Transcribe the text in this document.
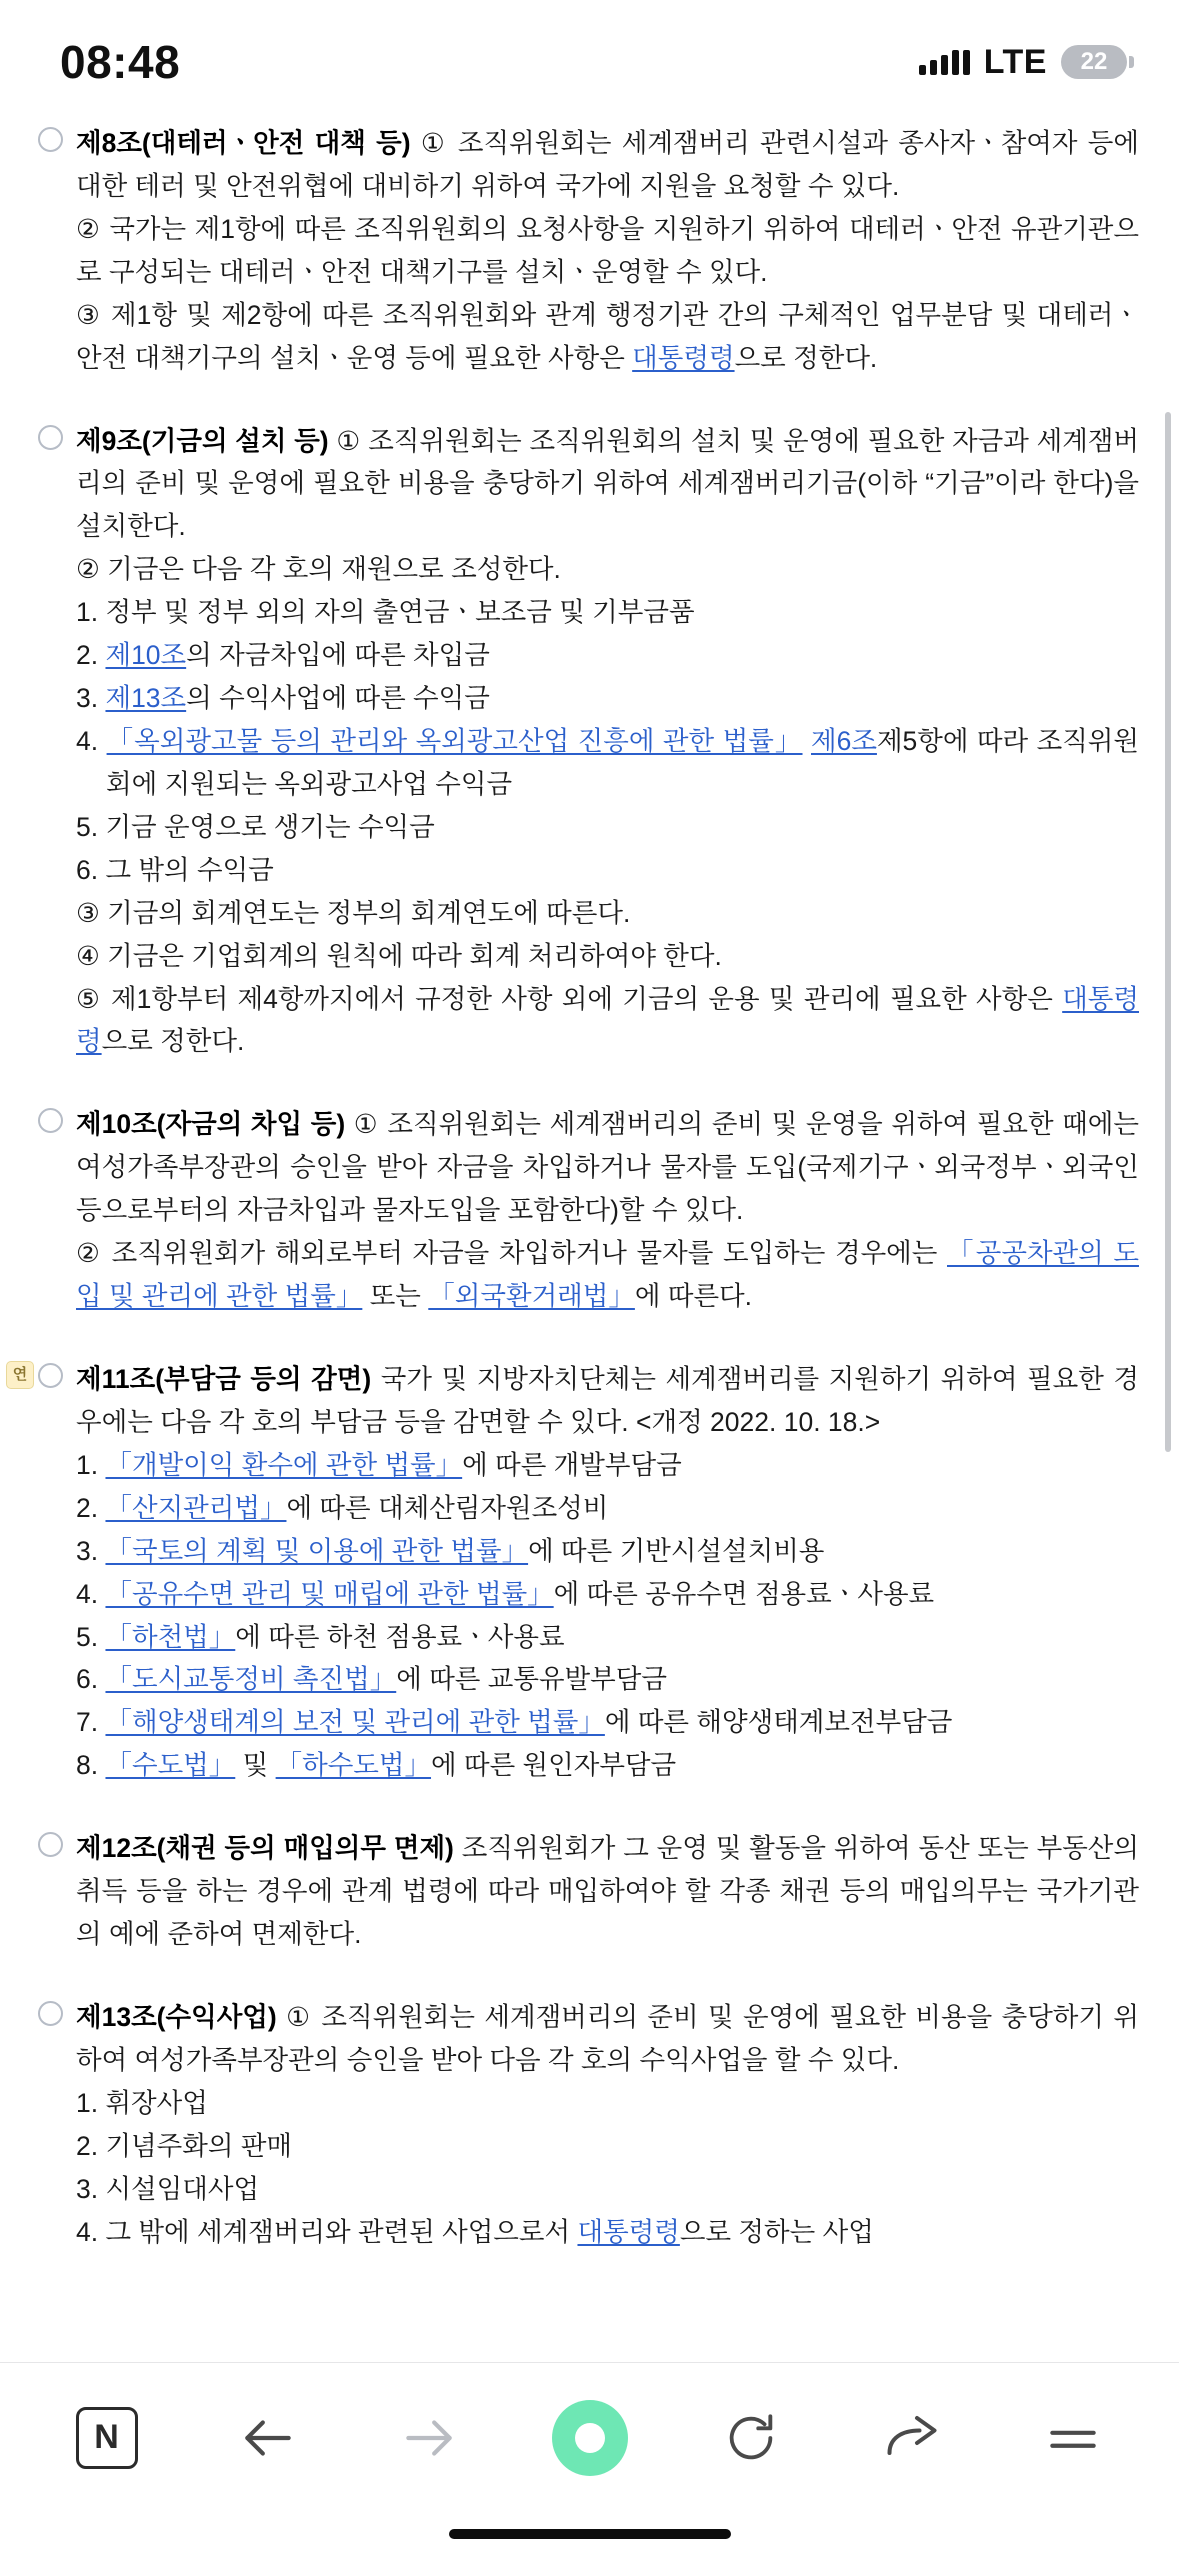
08:48	LTE 22

제8조(대테러ㆍ안전 대책 등) ① 조직위원회는 세계잼버리 관련시설과 종사자ㆍ참여자 등에 대한 테러 및 안전위협에 대비하기 위하여 국가에 지원을 요청할 수 있다.

② 국가는 제1항에 따른 조직위원회의 요청사항을 지원하기 위하여 대테러ㆍ안전 유관기관으로 구성되는 대테러ㆍ안전 대책기구를 설치ㆍ운영할 수 있다.

③ 제1항 및 제2항에 따른 조직위원회와 관계 행정기관 간의 구체적인 업무분담 및 대테러ㆍ안전 대책기구의 설치ㆍ운영 등에 필요한 사항은 대통령령으로 정한다.

제9조(기금의 설치 등) ① 조직위원회는 조직위원회의 설치 및 운영에 필요한 자금과 세계잼버리의 준비 및 운영에 필요한 비용을 충당하기 위하여 세계잼버리기금(이하 “기금”이라 한다)을 설치한다.

② 기금은 다음 각 호의 재원으로 조성한다.

1. 정부 및 정부 외의 자의 출연금ㆍ보조금 및 기부금품

2. 제10조의 자금차입에 따른 차입금

3. 제13조의 수익사업에 따른 수익금

4. 「옥외광고물 등의 관리와 옥외광고산업 진흥에 관한 법률」 제6조제5항에 따라 조직위원회에 지원되는 옥외광고사업 수익금

5. 기금 운영으로 생기는 수익금

6. 그 밖의 수익금

③ 기금의 회계연도는 정부의 회계연도에 따른다.

④ 기금은 기업회계의 원칙에 따라 회계 처리하여야 한다.

⑤ 제1항부터 제4항까지에서 규정한 사항 외에 기금의 운용 및 관리에 필요한 사항은 대통령령으로 정한다.

제10조(자금의 차입 등) ① 조직위원회는 세계잼버리의 준비 및 운영을 위하여 필요한 때에는 여성가족부장관의 승인을 받아 자금을 차입하거나 물자를 도입(국제기구ㆍ외국정부ㆍ외국인 등으로부터의 자금차입과 물자도입을 포함한다)할 수 있다.

② 조직위원회가 해외로부터 자금을 차입하거나 물자를 도입하는 경우에는 「공공차관의 도입 및 관리에 관한 법률」 또는 「외국환거래법」에 따른다.

연 제11조(부담금 등의 감면) 국가 및 지방자치단체는 세계잼버리를 지원하기 위하여 필요한 경우에는 다음 각 호의 부담금 등을 감면할 수 있다. <개정 2022. 10. 18.>

1. 「개발이익 환수에 관한 법률」에 따른 개발부담금

2. 「산지관리법」에 따른 대체산림자원조성비

3. 「국토의 계획 및 이용에 관한 법률」에 따른 기반시설설치비용

4. 「공유수면 관리 및 매립에 관한 법률」에 따른 공유수면 점용료ㆍ사용료

5. 「하천법」에 따른 하천 점용료ㆍ사용료

6. 「도시교통정비 촉진법」에 따른 교통유발부담금

7. 「해양생태계의 보전 및 관리에 관한 법률」에 따른 해양생태계보전부담금

8. 「수도법」 및 「하수도법」에 따른 원인자부담금

제12조(채권 등의 매입의무 면제) 조직위원회가 그 운영 및 활동을 위하여 동산 또는 부동산의 취득 등을 하는 경우에 관계 법령에 따라 매입하여야 할 각종 채권 등의 매입의무는 국가기관의 예에 준하여 면제한다.

제13조(수익사업) ① 조직위원회는 세계잼버리의 준비 및 운영에 필요한 비용을 충당하기 위하여 여성가족부장관의 승인을 받아 다음 각 호의 수익사업을 할 수 있다.

1. 휘장사업

2. 기념주화의 판매

3. 시설임대사업

4. 그 밖에 세계잼버리와 관련된 사업으로서 대통령령으로 정하는 사업

N
